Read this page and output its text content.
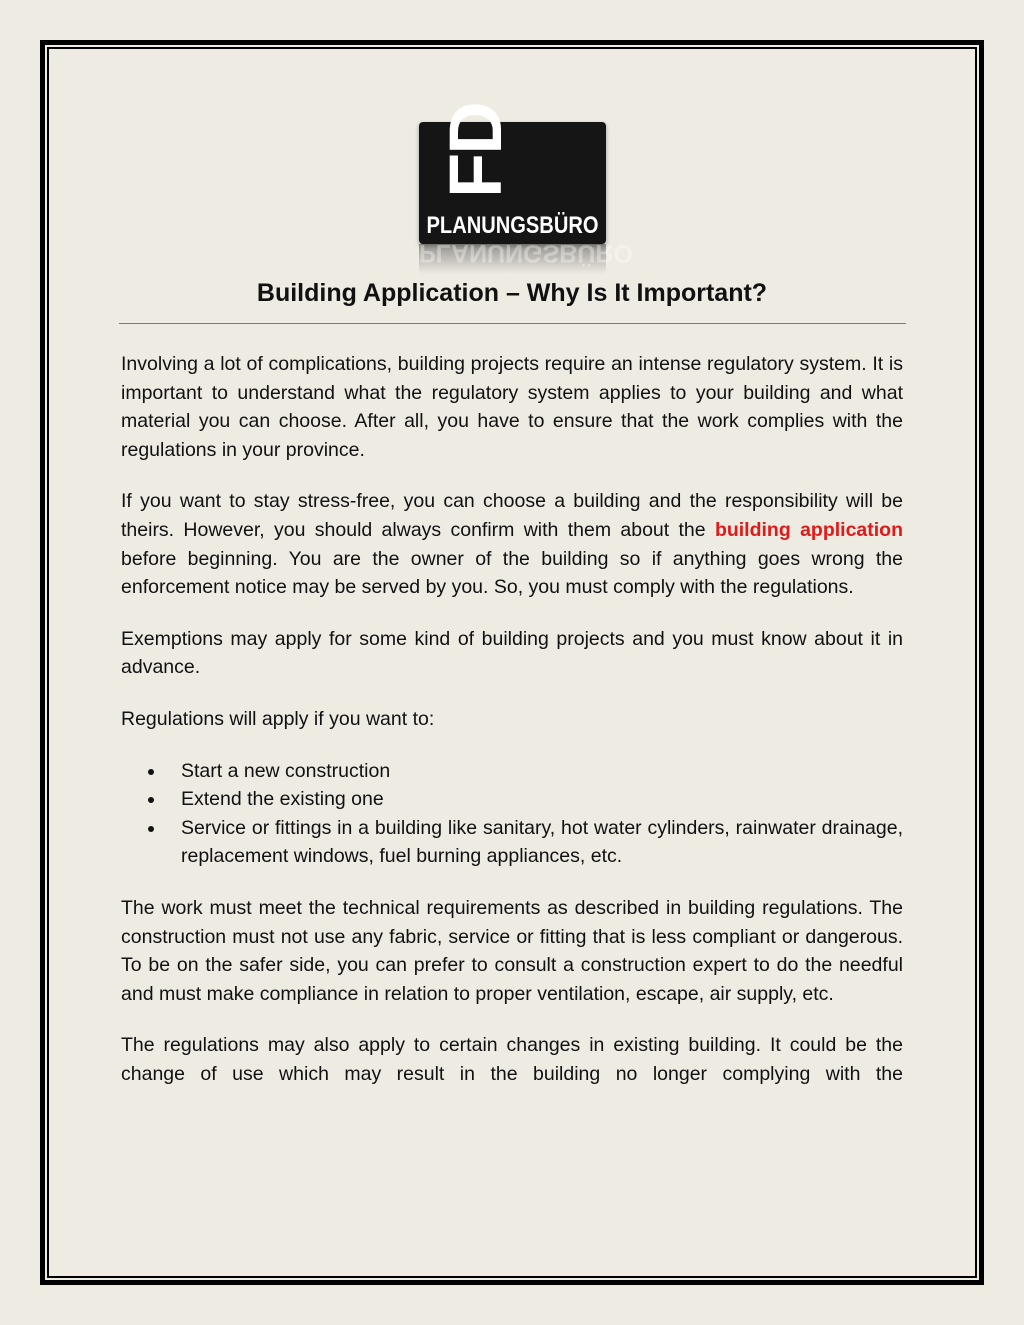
FD
PLANUNGSBÜRO
PLANUNGSBÜRO
Building Application – Why Is It Important?

Involving a lot of complications, building projects require an intense regulatory system. It is important to understand what the regulatory system applies to your building and what material you can choose. After all, you have to ensure that the work complies with the regulations in your province.

If you want to stay stress-free, you can choose a building and the responsibility will be theirs. However, you should always confirm with them about the building application before beginning. You are the owner of the building so if anything goes wrong the enforcement notice may be served by you. So, you must comply with the regulations.

Exemptions may apply for some kind of building projects and you must know about it in advance.

Regulations will apply if you want to:

Start a new construction
Extend the existing one
Service or fittings in a building like sanitary, hot water cylinders, rainwater drainage, replacement windows, fuel burning appliances, etc.

The work must meet the technical requirements as described in building regulations. The construction must not use any fabric, service or fitting that is less compliant or dangerous. To be on the safer side, you can prefer to consult a construction expert to do the needful and must make compliance in relation to proper ventilation, escape, air supply, etc.

The regulations may also apply to certain changes in existing building. It could be the change of use which may result in the building no longer complying with the
